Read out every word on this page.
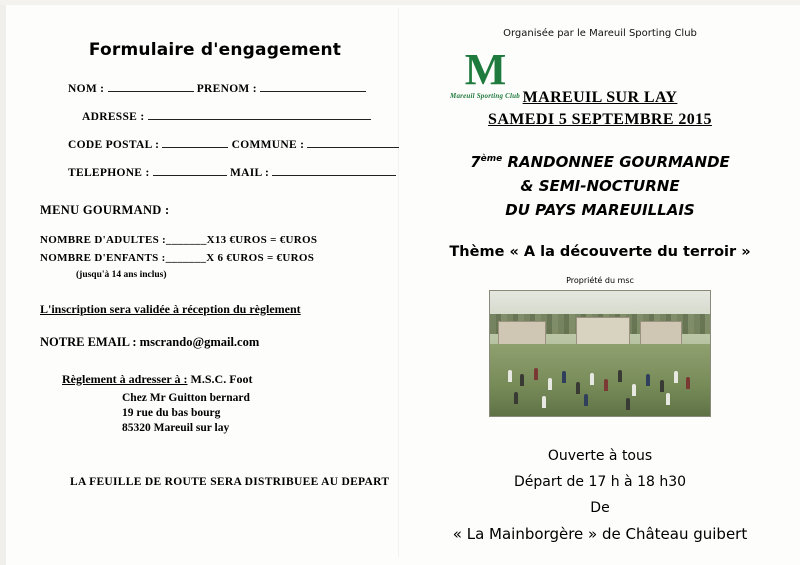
Formulaire d'engagement
NOM :	PRENOM :
ADRESSE :
CODE POSTAL :	COMMUNE :
TELEPHONE :	MAIL :
MENU GOURMAND :
NOMBRE D'ADULTES :_______X13 €UROS = €UROS
NOMBRE D'ENFANTS :_______X 6 €UROS = €UROS
(jusqu'à 14 ans inclus)
L'inscription sera validée à réception du règlement
NOTRE EMAIL : mscrando@gmail.com
Règlement à adresser à : M.S.C. Foot
Chez Mr Guitton bernard
19 rue du bas bourg
85320 Mareuil sur lay
LA FEUILLE DE ROUTE SERA DISTRIBUEE AU DEPART
Organisée par le Mareuil Sporting Club
M
Mareuil Sporting Club MAREUIL SUR LAY
SAMEDI 5 SEPTEMBRE 2015
7ème RANDONNEE GOURMANDE
& SEMI-NOCTURNE
DU PAYS MAREUILLAIS
Thème « A la découverte du terroir »
Propriété du msc
Ouverte à tous
Départ de 17 h à 18 h30
De
« La Mainborgère » de Château guibert
